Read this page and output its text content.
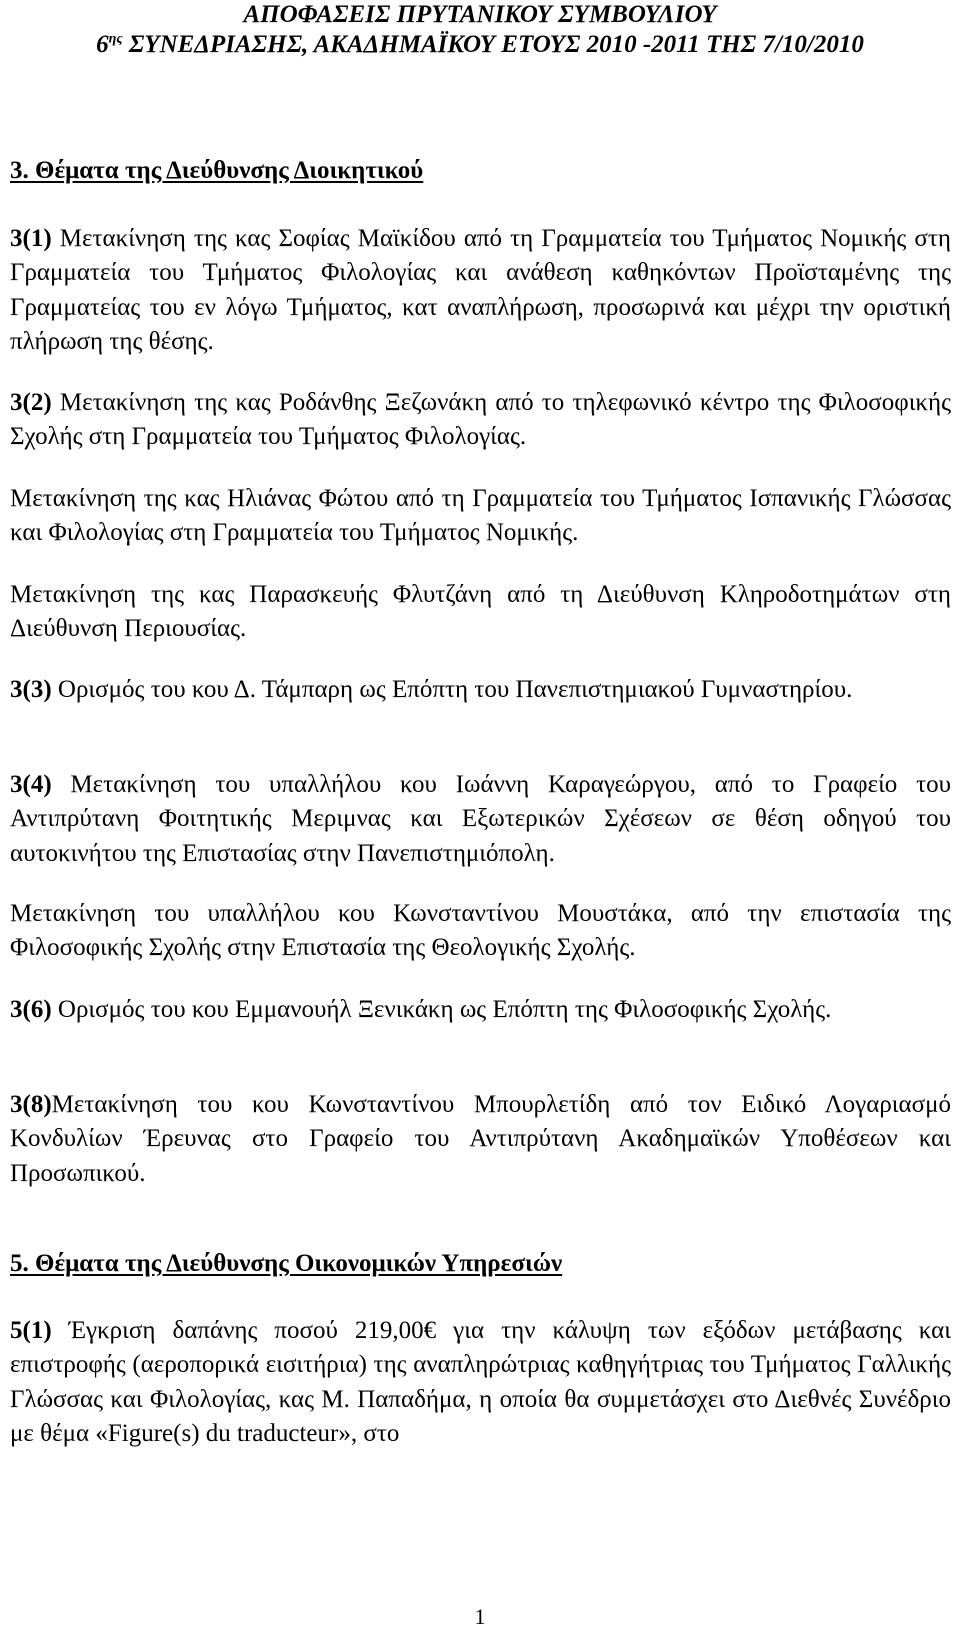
ΑΠΟΦΑΣΕΙΣ ΠΡΥΤΑΝΙΚΟΥ ΣΥΜΒΟΥΛΙΟΥ
$6^{\eta\varsigma}$ ΣΥΝΕΔΡΙΑΣΗΣ, ΑΚΑΔΗΜΑΪΚΟΥ ΕΤΟΥΣ 2010 -2011 ΤΗΣ 7/10/2010
3. Θέματα της Διεύθυνσης Διοικητικού
3(1) Μετακίνηση της κας Σοφίας Μαϊκίδου από τη Γραμματεία του Τμήματος Νομικής στη Γραμματεία του Τμήματος Φιλολογίας και ανάθεση καθηκόντων Προϊσταμένης της Γραμματείας του εν λόγω Τμήματος, κατ αναπλήρωση, προσωρινά και μέχρι την οριστική πλήρωση της θέσης.
3(2) Μετακίνηση της κας Ροδάνθης Ξεζωνάκη από το τηλεφωνικό κέντρο της Φιλοσοφικής Σχολής στη Γραμματεία του Τμήματος Φιλολογίας.
Μετακίνηση της κας Ηλιάνας Φώτου από τη Γραμματεία του Τμήματος Ισπανικής Γλώσσας και Φιλολογίας στη Γραμματεία του Τμήματος Νομικής.
Μετακίνηση της κας Παρασκευής Φλυτζάνη από τη Διεύθυνση Κληροδοτημάτων στη Διεύθυνση Περιουσίας.
3(3) Ορισμός του κου Δ. Τάμπαρη ως Επόπτη του Πανεπιστημιακού Γυμναστηρίου.
3(4) Μετακίνηση του υπαλλήλου κου Ιωάννη Καραγεώργου, από το Γραφείο του Αντιπρύτανη Φοιτητικής Μεριμνας και Εξωτερικών Σχέσεων σε θέση οδηγού του αυτοκινήτου της Επιστασίας στην Πανεπιστημιόπολη.
Μετακίνηση του υπαλλήλου κου Κωνσταντίνου Μουστάκα, από την επιστασία της Φιλοσοφικής Σχολής στην Επιστασία της Θεολογικής Σχολής.
3(6) Ορισμός του κου Εμμανουήλ Ξενικάκη ως Επόπτη της Φιλοσοφικής Σχολής.
3(8)Μετακίνηση του κου Κωνσταντίνου Μπουρλετίδη από τον Ειδικό Λογαριασμό Κονδυλίων Έρευνας στο Γραφείο του Αντιπρύτανη Ακαδημαϊκών Υποθέσεων και Προσωπικού.
5. Θέματα της Διεύθυνσης Οικονομικών Υπηρεσιών
5(1) Έγκριση δαπάνης ποσού 219,00€ για την κάλυψη των εξόδων μετάβασης και επιστροφής (αεροπορικά εισιτήρια) της αναπληρώτριας καθηγήτριας του Τμήματος Γαλλικής Γλώσσας και Φιλολογίας, κας Μ. Παπαδήμα, η οποία θα συμμετάσχει στο Διεθνές Συνέδριο με θέμα «Figure(s) du traducteur», στο
1
